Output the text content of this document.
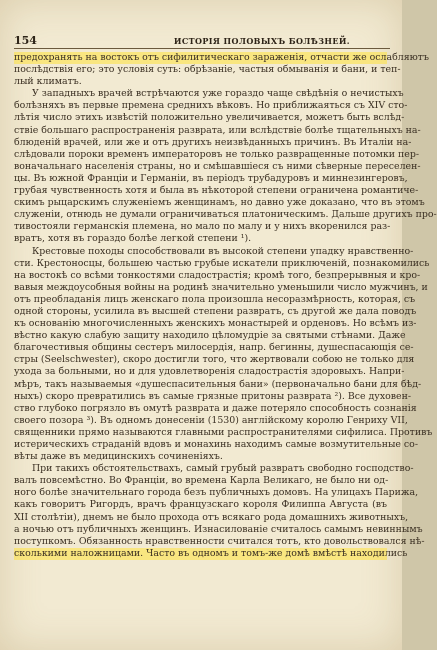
154	ИСТОРІЯ ПОЛОВЫХЪ БОЛѢЗНЕЙ.
предохранять на востокъ отъ сифилитическаго зараженія, отчасти же ослабляютъ
послѣдствія его; это условія суть: обрѣзаніе, частыя обмыванія и бани, и теп-
лый климатъ.
У западныхъ врачей встрѣчаются уже гораздо чаще свѣдѣнія о нечистыхъ
болѣзняхъ въ первые премена среднихъ вѣковъ. Но приближаяться съ XIV сто-
лѣтія число этихъ извѣстій положительно увеличивается, можетъ быть вслѣд-
ствіе большаго распространенія разврата, или вслѣдствіе болѣе тщательныхъ на-
блюденій врачей, или же и отъ другихъ неизвѣданныхъ причинъ. Въ Италіи на-
слѣдовали пороки временъ императоровъ не только развращенные потомки пер-
воначальнаго населенія страны, но и смѣшавшіеся съ ними сѣверные переселен-
цы. Въ южной Франціи и Германіи, въ періодъ трубадуровъ и миннезингеровъ,
грубая чувственность хотя и была въ нѣкоторой степени ограничена романтиче-
скимъ рыцарскимъ служеніемъ женщинамъ, но давно уже доказано, что въ этомъ
служеніи, отнюдь не думали ограничиваться платоническимъ. Дальше другихъ про-
тивостояли германскія племена, но мало по малу и у нихъ вкоренился раз-
вратъ, хотя въ гораздо болѣе легкой степени ¹).
Крестовые походы способствовали въ высокой степени упадку нравственно-
сти. Крестоносцы, большею частью грубые искатели приключеній, познакомились
на востокѣ со всѣми тонкостями сладострастія; кромѣ того, безпрерывныя и кро-
вавыя междоусобныя войны на родинѣ значительно уменьшили число мужчинъ, и
отъ преобладанія лицъ женскаго пола произошла несоразмѣрность, которая, съ
одной стороны, усилила въ высшей степени развратъ, съ другой же дала поводъ
къ основанію многочисленныхъ женскихъ монастырей и орденовъ. Но всѣмъ из-
вѣстно какую слабую защиту находило цѣломудріе за святыми стѣнами. Даже
благочестивыя общины сестеръ милосердія, напр. бегинны, душеспасающія се-
стры (Seelschwester), скоро достигли того, что жертвовали собою не только для
ухода за больными, но и для удовлетворенія сладострастія здоровыхъ. Напри-
мѣръ, такъ называемыя «душеспасительныя бани» (первоначально бани для бѣд-
ныхъ) скоро превратились въ самые грязные притоны разврата ²). Все духовен-
ство глубоко погрязло въ омутѣ разврата и даже потеряло способность сознанія
своего позора ³). Въ одномъ донесеніи (1530) англійскому королю Генриху VII,
священники прямо называются главными распространителями сифилиса. Противъ
истерическихъ страданій вдовъ и монахинь находимъ самые возмутительные со-
вѣты даже въ медицинскихъ сочиненіяхъ.
При такихъ обстоятельствахъ, самый грубый развратъ свободно господство-
валъ повсемѣстно. Во Франціи, во времена Карла Великаго, не было ни од-
ного болѣе значительнаго города безъ публичныхъ домовъ. На улицахъ Парижа,
какъ говоритъ Ригордъ, врачъ французскаго короля Филиппа Августа (въ
XII столѣтіи), днемъ не было прохода отъ всякаго рода домашнихъ животныхъ,
а ночью отъ публичныхъ женщинъ. Изнасилованіе считалось самымъ невиннымъ
поступкомъ. Обязанность нравственности считался тотъ, кто довольствовался нѣ-
сколькими наложницами. Часто въ одномъ и томъ-же домѣ вмѣстѣ находились
